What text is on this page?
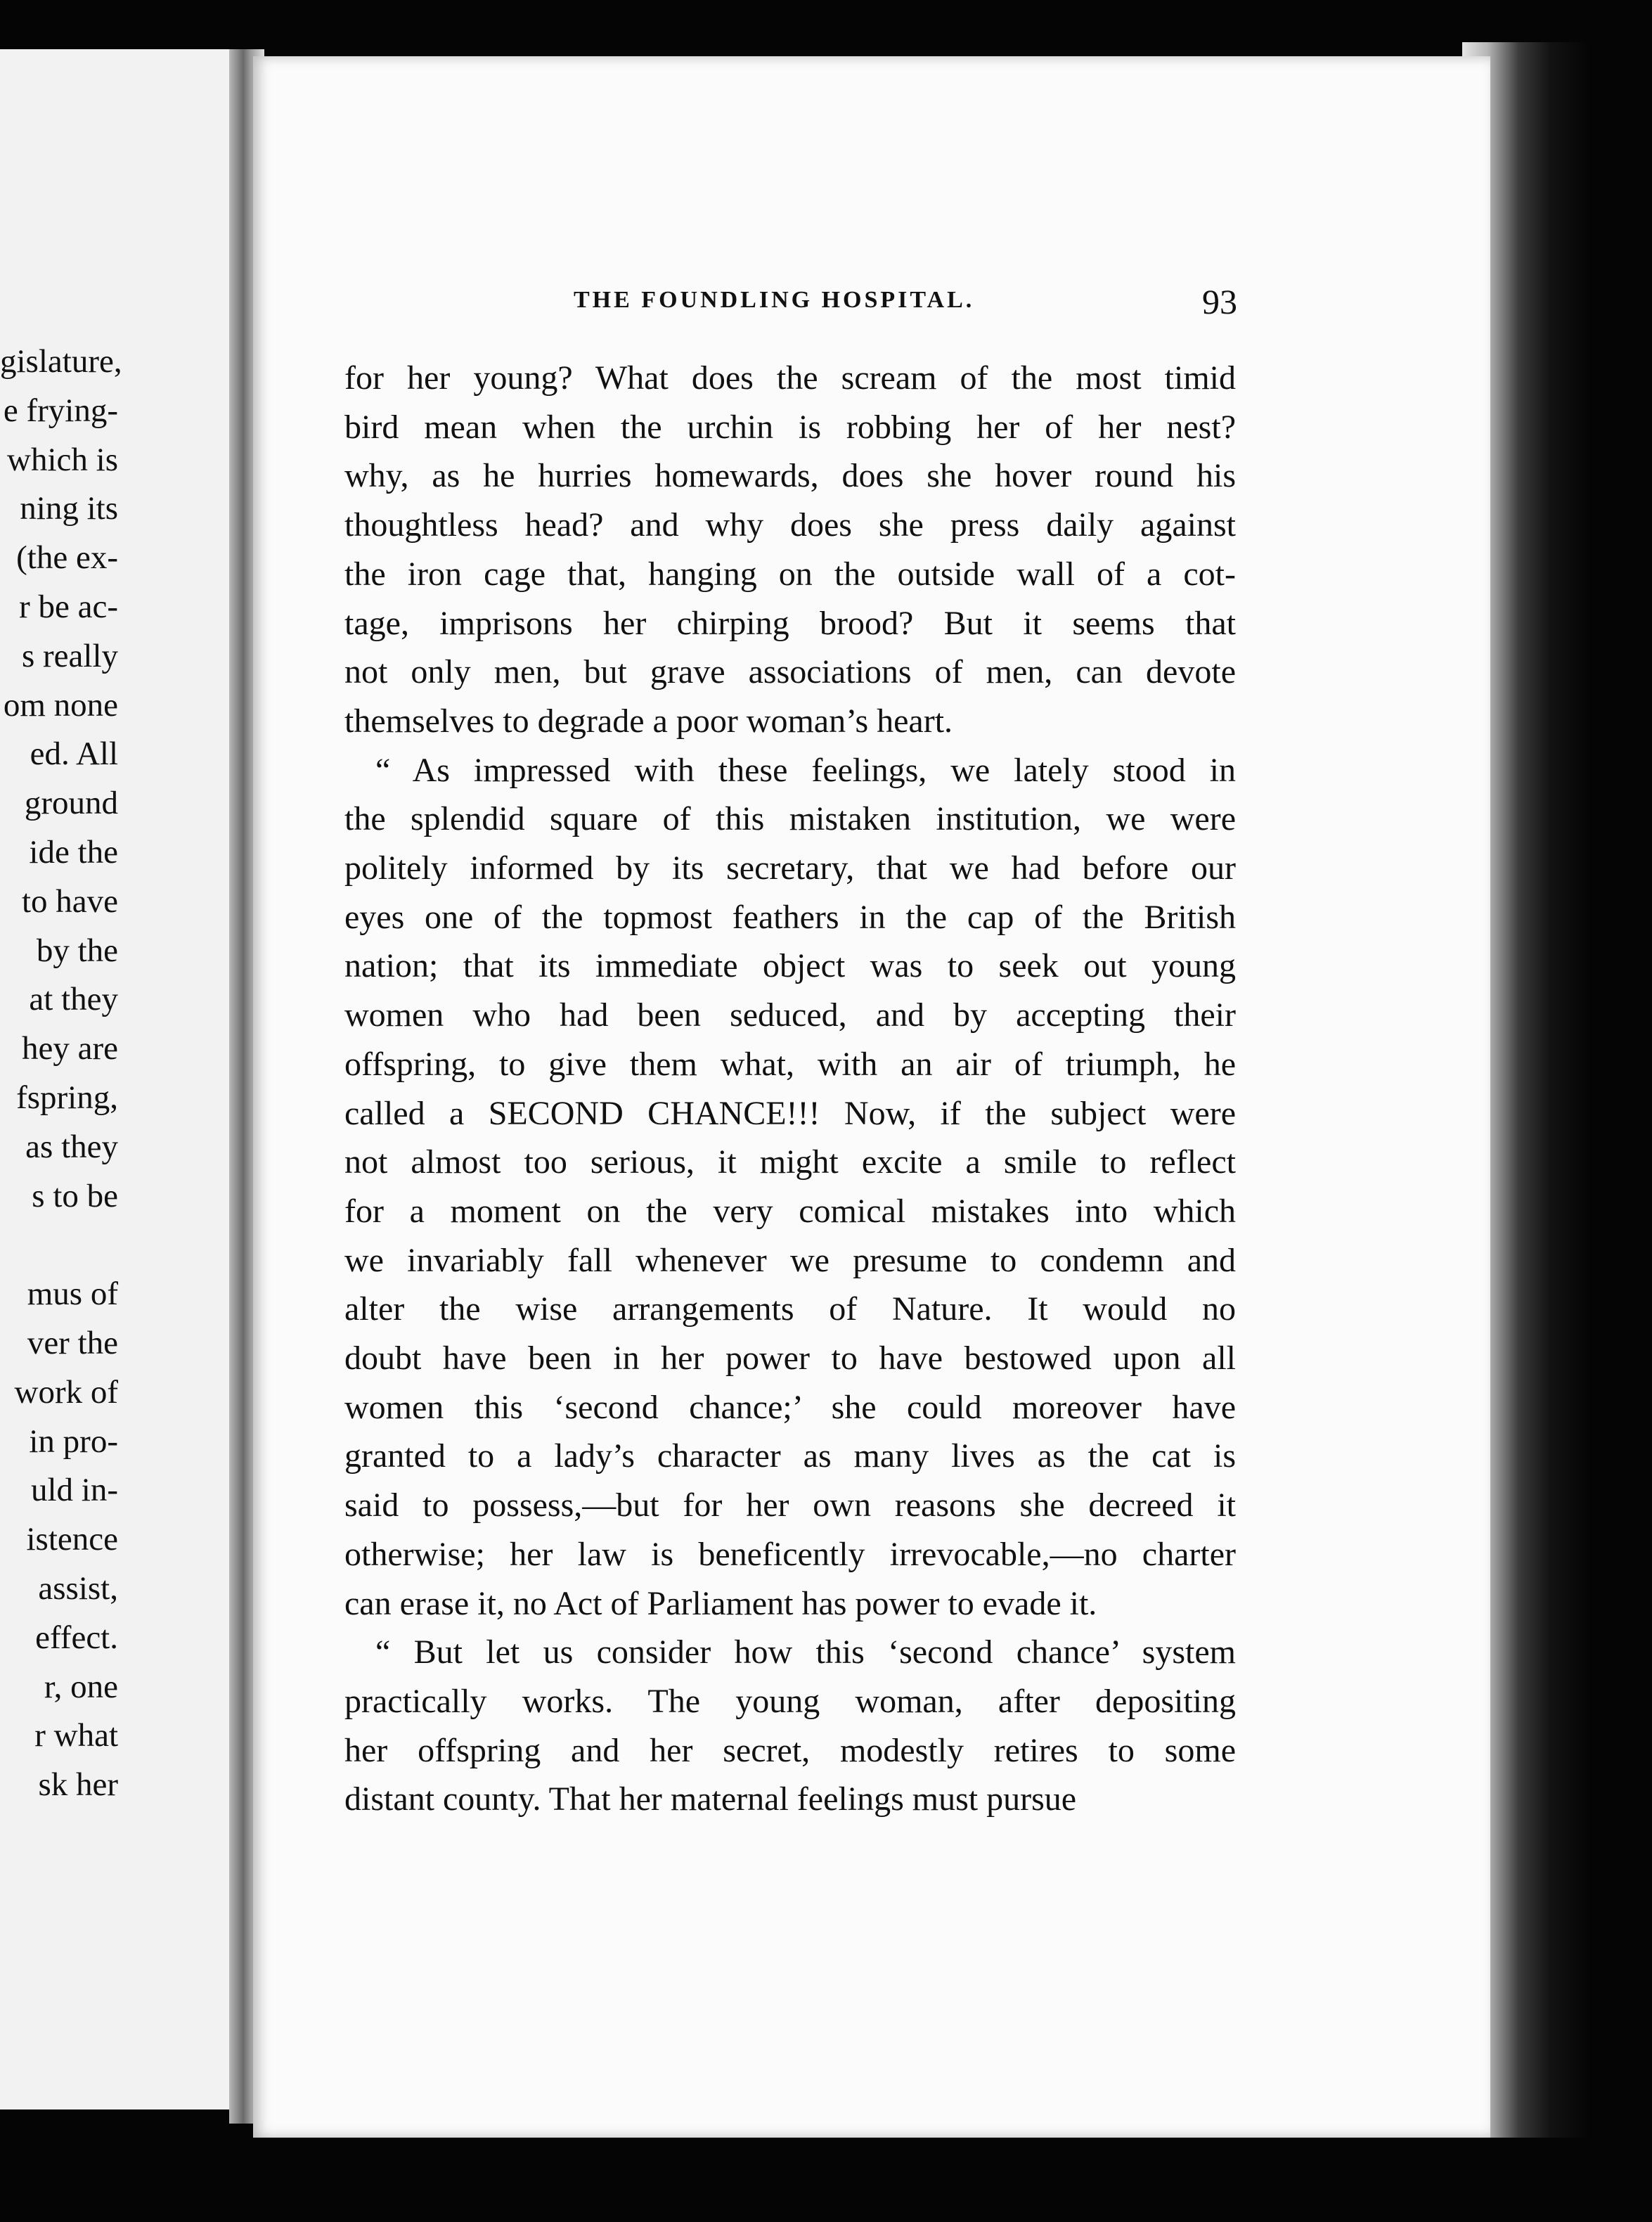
gislature,

e frying-

which is

ning its

(the ex-

r be ac-

s really

om none

ed. All

ground

ide the

to have

by the

at they

hey are

fspring,

as they

s to be

mus of

ver the

work of

in pro-

uld in-

istence

assist,

effect.

r, one

r what

sk her

THE FOUNDLING HOSPITAL.	93

for her young? What does the scream of the most timid

bird mean when the urchin is robbing her of her nest?

why, as he hurries homewards, does she hover round his

thoughtless head? and why does she press daily against

the iron cage that, hanging on the outside wall of a cot-

tage, imprisons her chirping brood? But it seems that

not only men, but grave associations of men, can devote

themselves to degrade a poor woman’s heart.

“ As impressed with these feelings, we lately stood in

the splendid square of this mistaken institution, we were

politely informed by its secretary, that we had before our

eyes one of the topmost feathers in the cap of the British

nation; that its immediate object was to seek out young

women who had been seduced, and by accepting their

offspring, to give them what, with an air of triumph, he

called a SECOND CHANCE!!! Now, if the subject were

not almost too serious, it might excite a smile to reflect

for a moment on the very comical mistakes into which

we invariably fall whenever we presume to condemn and

alter the wise arrangements of Nature. It would no

doubt have been in her power to have bestowed upon all

women this ‘second chance;’ she could moreover have

granted to a lady’s character as many lives as the cat is

said to possess,—but for her own reasons she decreed it

otherwise; her law is beneficently irrevocable,—no charter

can erase it, no Act of Parliament has power to evade it.

“ But let us consider how this ‘second chance’ system

practically works. The young woman, after depositing

her offspring and her secret, modestly retires to some

distant county. That her maternal feelings must pursue
